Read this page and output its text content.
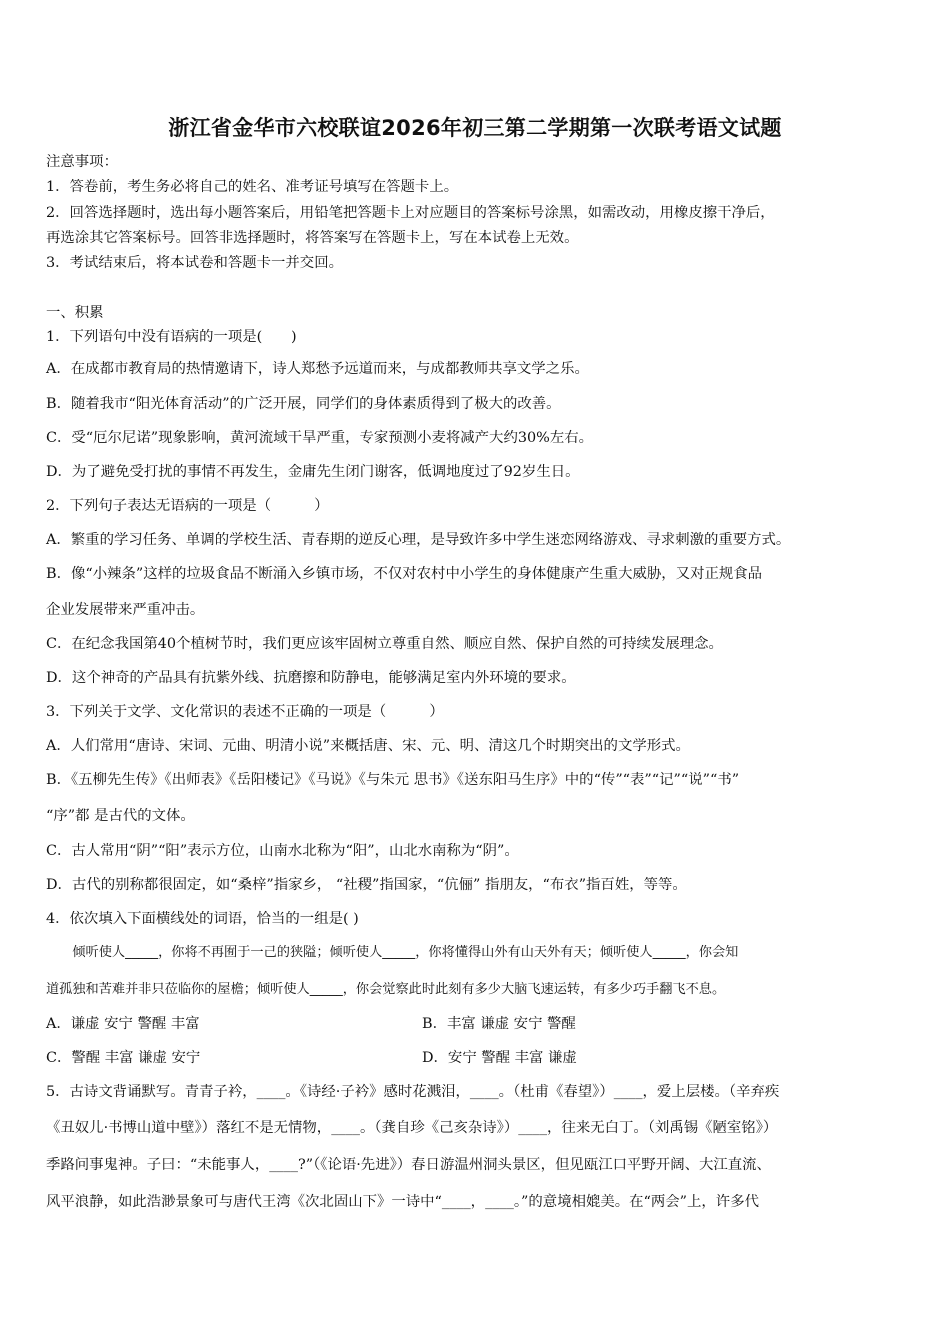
浙江省金华市六校联谊2026年初三第二学期第一次联考语文试题
注意事项：
1．答卷前，考生务必将自己的姓名、准考证号填写在答题卡上。
2．回答选择题时，选出每小题答案后，用铅笔把答题卡上对应题目的答案标号涂黑，如需改动，用橡皮擦干净后，
再选涂其它答案标号。回答非选择题时，将答案写在答题卡上，写在本试卷上无效。
3．考试结束后，将本试卷和答题卡一并交回。
一、积累
1．下列语句中没有语病的一项是(　　)
A．在成都市教育局的热情邀请下，诗人郑愁予远道而来，与成都教师共享文学之乐。
B．随着我市“阳光体育活动”的广泛开展，同学们的身体素质得到了极大的改善。
C．受“厄尔尼诺”现象影响，黄河流域干旱严重，专家预测小麦将减产大约30%左右。
D．为了避免受打扰的事情不再发生，金庸先生闭门谢客，低调地度过了92岁生日。
2．下列句子表达无语病的一项是（　　　）
A．繁重的学习任务、单调的学校生活、青春期的逆反心理，是导致许多中学生迷恋网络游戏、寻求刺激的重要方式。
B．像“小辣条”这样的垃圾食品不断涌入乡镇市场，不仅对农村中小学生的身体健康产生重大威胁，又对正规食品
企业发展带来严重冲击。
C．在纪念我国第40个植树节时，我们更应该牢固树立尊重自然、顺应自然、保护自然的可持续发展理念。
D．这个神奇的产品具有抗紫外线、抗磨擦和防静电，能够满足室内外环境的要求。
3．下列关于文学、文化常识的表述不正确的一项是（　　　）
A．人们常用“唐诗、宋词、元曲、明清小说”来概括唐、宋、元、明、清这几个时期突出的文学形式。
B．《五柳先生传》《出师表》《岳阳楼记》《马说》《与朱元 思书》《送东阳马生序》中的“传”“表”“记”“说”“书”
“序”都 是古代的文体。
C．古人常用“阴”“阳”表示方位，山南水北称为“阳”，山北水南称为“阴”。
D．古代的别称都很固定，如“桑梓”指家乡， “社稷”指国家，“伉俪” 指朋友，“布衣”指百姓，等等。
4．依次填入下面横线处的词语，恰当的一组是( )
　　倾听使人_____，你将不再囿于一己的狭隘；倾听使人_____，你将懂得山外有山天外有天；倾听使人_____，你会知
道孤独和苦难并非只莅临你的屋檐；倾听使人_____，你会觉察此时此刻有多少大脑飞速运转，有多少巧手翻飞不息。
A．谦虚 安宁 警醒 丰富	B．丰富 谦虚 安宁 警醒
C．警醒 丰富 谦虚 安宁	D．安宁 警醒 丰富 谦虚
5．古诗文背诵默写。青青子衿，____。《诗经·子衿》感时花溅泪，____。（杜甫《春望》）____，爱上层楼。（辛弃疾
《丑奴儿·书博山道中壁》）落红不是无情物，____。（龚自珍《己亥杂诗》）____，往来无白丁。（刘禹锡《陋室铭》）
季路问事鬼神。子曰：“未能事人，____?”（《论语·先进》）春日游温州洞头景区，但见瓯江口平野开阔、大江直流、
风平浪静，如此浩渺景象可与唐代王湾《次北固山下》一诗中“____，____。”的意境相媲美。在“两会”上，许多代
